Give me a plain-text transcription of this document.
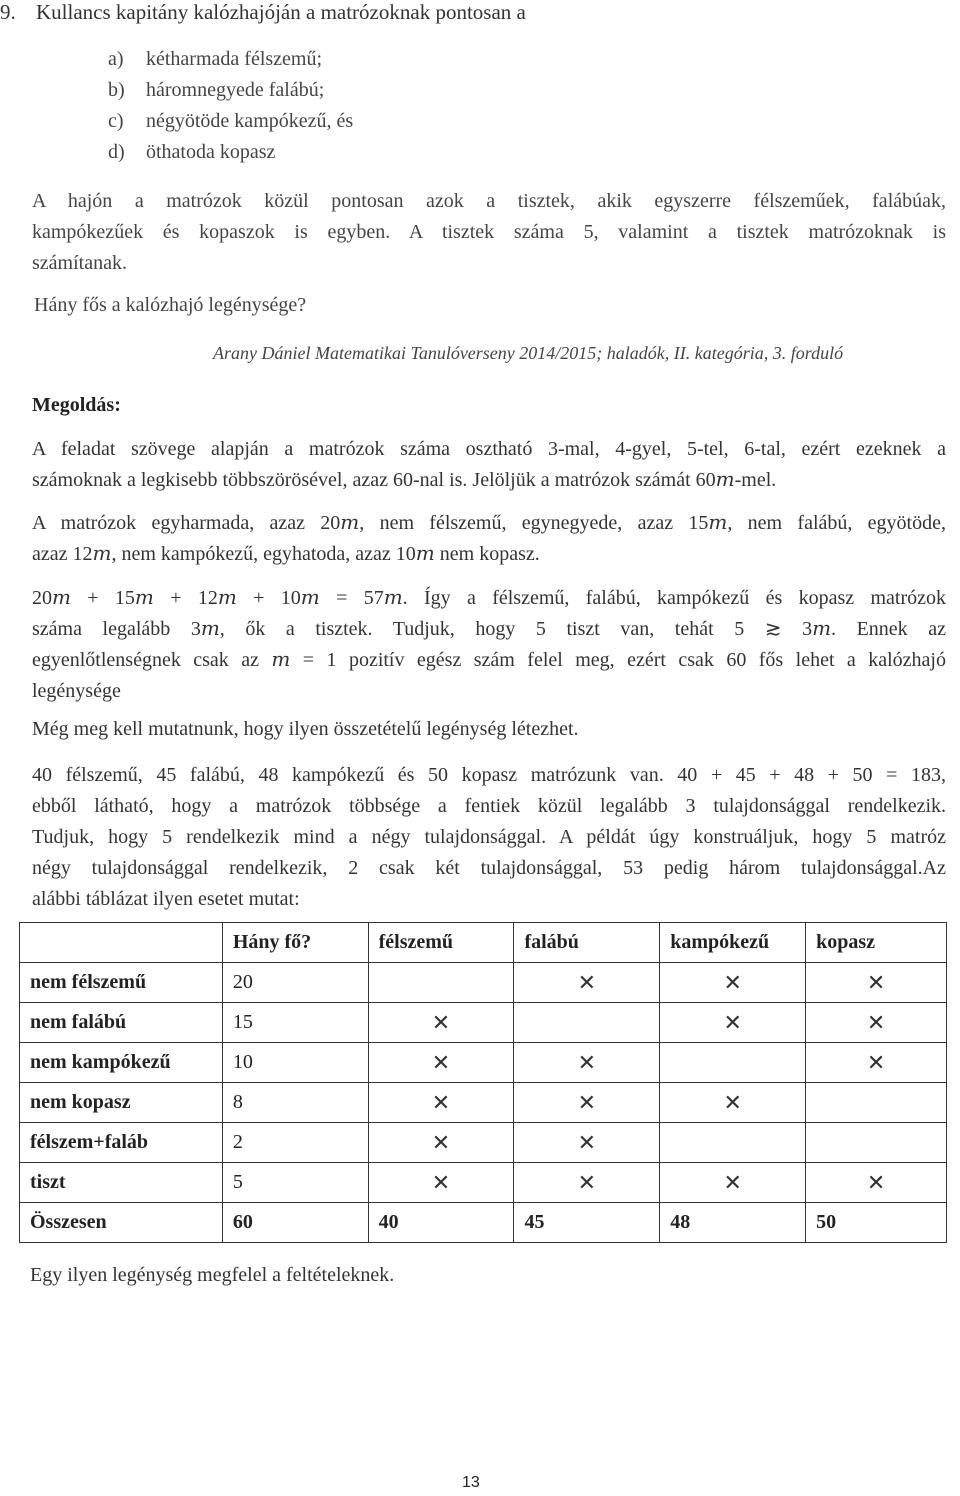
9. Kullancs kapitány kalózhajóján a matrózoknak pontosan a
a) kétharmada félszemű;
b) háromnegyede falábú;
c) négyötöde kampókezű, és
d) öthatoda kopasz
A hajón a matrózok közül pontosan azok a tisztek, akik egyszerre félszeműek, falábúak,
kampókezűek és kopaszok is egyben. A tisztek száma 5, valamint a tisztek matrózoknak is
számítanak.
Hány fős a kalózhajó legénysége?
Arany Dániel Matematikai Tanulóverseny 2014/2015; haladók, II. kategória, 3. forduló
Megoldás:
A feladat szövege alapján a matrózok száma osztható 3-mal, 4-gyel, 5-tel, 6-tal, ezért ezeknek a
számoknak a legkisebb többszörösével, azaz 60-nal is. Jelöljük a matrózok számát 60𝑚-mel.
A matrózok egyharmada, azaz 20𝑚, nem félszemű, egynegyede, azaz 15𝑚, nem falábú, egyötöde,
azaz 12𝑚, nem kampókezű, egyhatoda, azaz 10𝑚 nem kopasz.
20𝑚 + 15𝑚 + 12𝑚 + 10𝑚 = 57𝑚. Így a félszemű, falábú, kampókezű és kopasz matrózok
száma legalább 3𝑚, ők a tisztek. Tudjuk, hogy 5 tiszt van, tehát 5 ≳ 3𝑚. Ennek az
egyenlőtlenségnek csak az 𝑚 = 1 pozitív egész szám felel meg, ezért csak 60 fős lehet a kalózhajó
legénysége
Még meg kell mutatnunk, hogy ilyen összetételű legénység létezhet.
40 félszemű, 45 falábú, 48 kampókezű és 50 kopasz matrózunk van. 40 + 45 + 48 + 50 = 183,
ebből látható, hogy a matrózok többsége a fentiek közül legalább 3 tulajdonsággal rendelkezik.
Tudjuk, hogy 5 rendelkezik mind a négy tulajdonsággal. A példát úgy konstruáljuk, hogy 5 matróz
négy tulajdonsággal rendelkezik, 2 csak két tulajdonsággal, 53 pedig három tulajdonsággal.Az
alábbi táblázat ilyen esetet mutat:
	Hány fő?	félszemű	falábú	kampókezű	kopasz
nem félszemű	20		✕	✕	✕
nem falábú	15	✕		✕	✕
nem kampókezű	10	✕	✕		✕
nem kopasz	8	✕	✕	✕	
félszem+faláb	2	✕	✕		
tiszt	5	✕	✕	✕	✕
Összesen	60	40	45	48	50
Egy ilyen legénység megfelel a feltételeknek.
13
